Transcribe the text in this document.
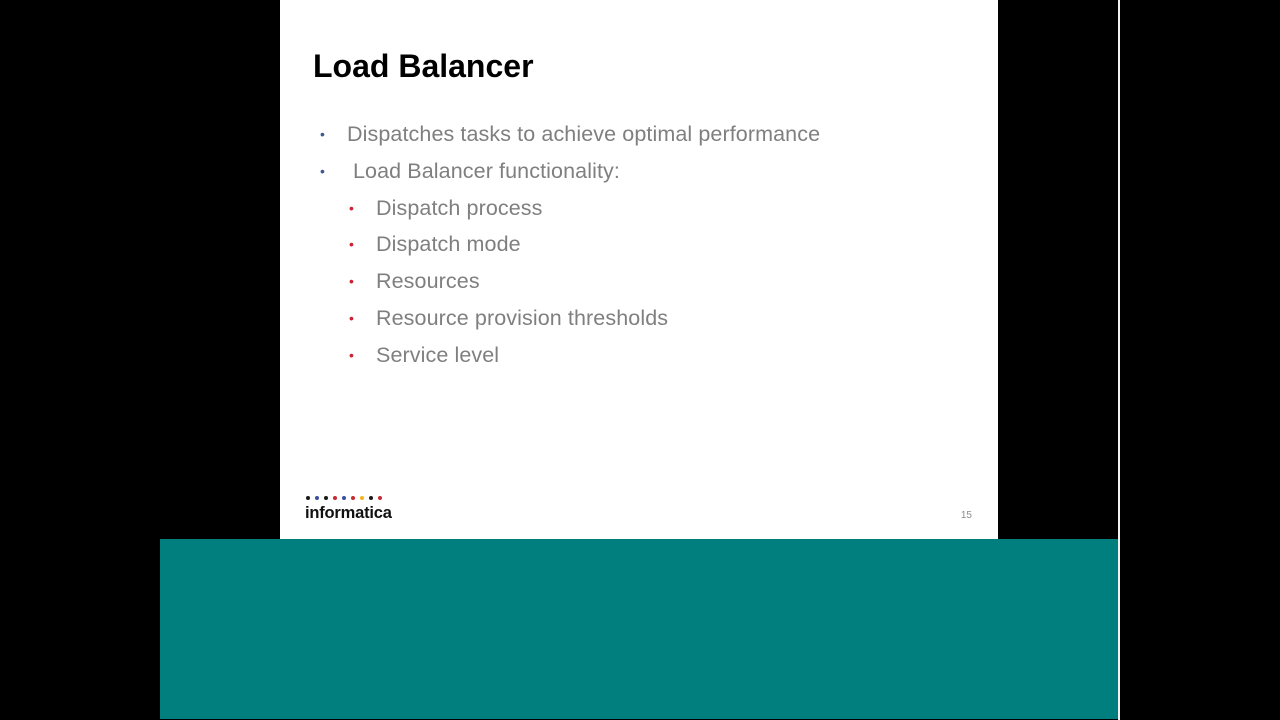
Load Balancer
• Dispatches tasks to achieve optimal performance
• Load Balancer functionality:
• Dispatch process
• Dispatch mode
• Resources
• Resource provision thresholds
• Service level
informatica	15
